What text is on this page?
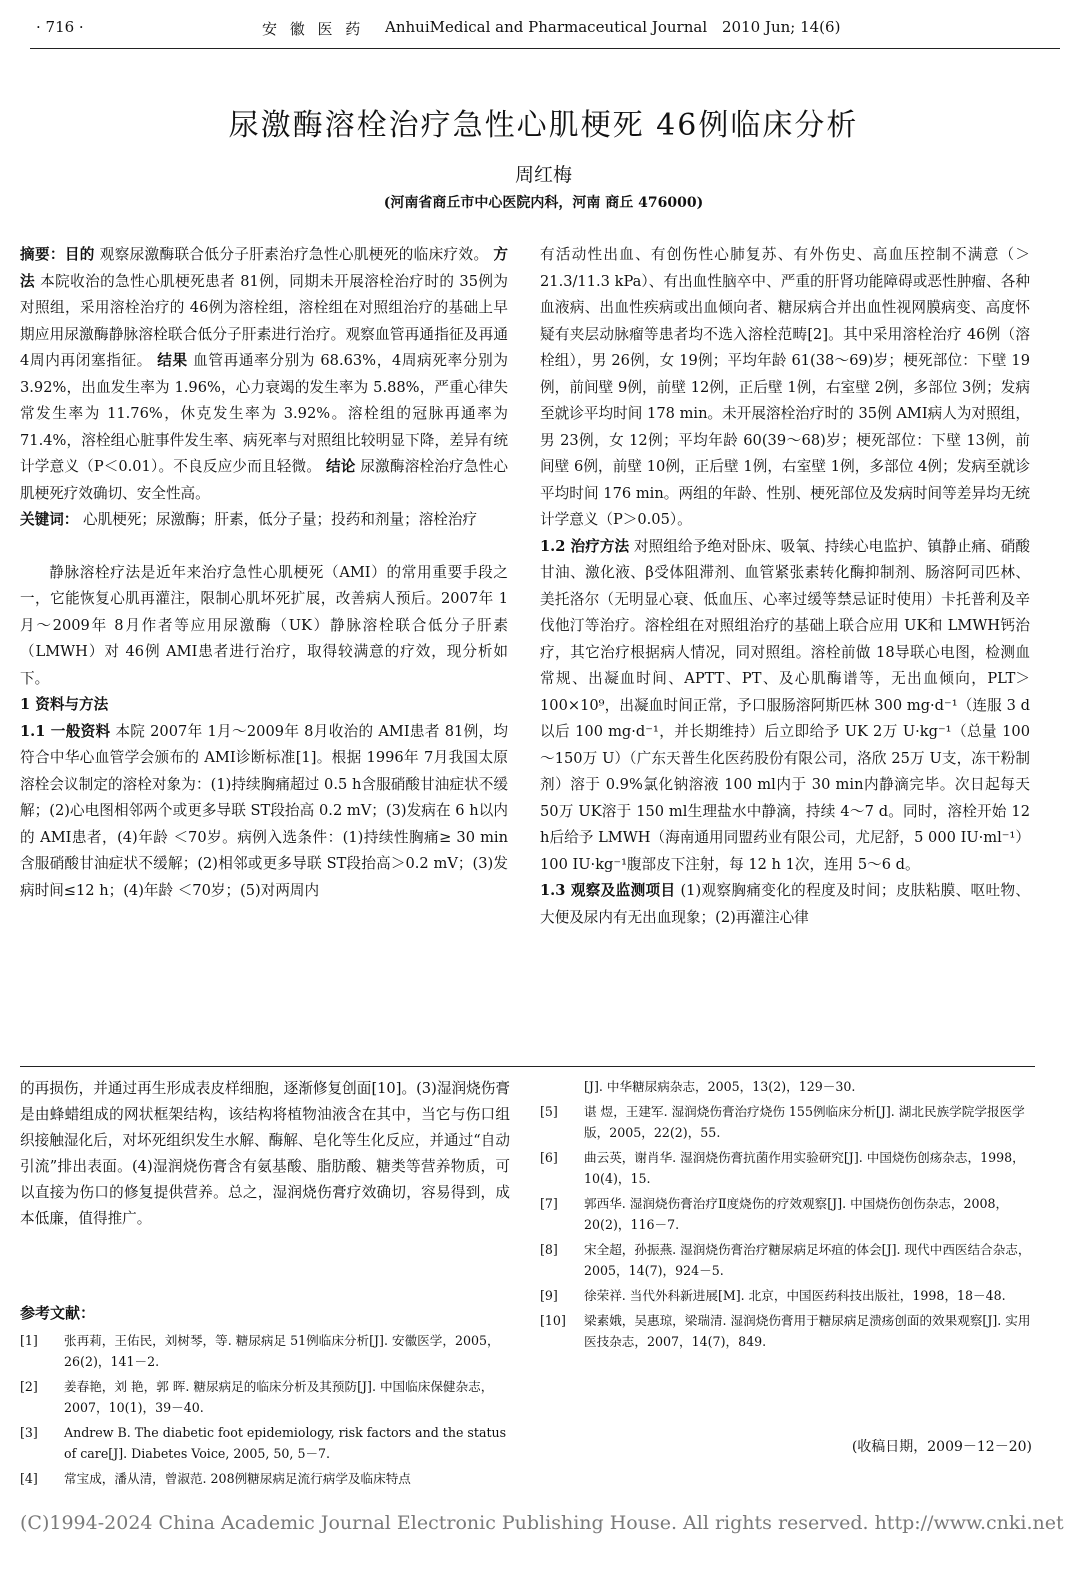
· 716 ·	安 徽 医 药 AnhuiMedical and Pharmaceutical Journal 2010 Jun; 14(6)
尿激酶溶栓治疗急性心肌梗死 46例临床分析
周红梅
(河南省商丘市中心医院内科，河南 商丘 476000)

摘要：目的 观察尿激酶联合低分子肝素治疗急性心肌梗死的临床疗效。 方法 本院收治的急性心肌梗死患者 81例，同期未开展溶栓治疗时的 35例为对照组，采用溶栓治疗的 46例为溶栓组，溶栓组在对照组治疗的基础上早期应用尿激酶静脉溶栓联合低分子肝素进行治疗。观察血管再通指征及再通 4周内再闭塞指征。 结果 血管再通率分别为 68.63%，4周病死率分别为 3.92%，出血发生率为 1.96%，心力衰竭的发生率为 5.88%，严重心律失常发生率为 11.76%，休克发生率为 3.92%。溶栓组的冠脉再通率为 71.4%，溶栓组心脏事件发生率、病死率与对照组比较明显下降，差异有统计学意义（P＜0.01）。不良反应少而且轻微。 结论 尿激酶溶栓治疗急性心肌梗死疗效确切、安全性高。

关键词： 心肌梗死；尿激酶；肝素，低分子量；投药和剂量；溶栓治疗

静脉溶栓疗法是近年来治疗急性心肌梗死（AMI）的常用重要手段之一，它能恢复心肌再灌注，限制心肌坏死扩展，改善病人预后。2007年 1月～2009年 8月作者等应用尿激酶（UK）静脉溶栓联合低分子肝素（LMWH）对 46例 AMI患者进行治疗，取得较满意的疗效，现分析如下。

1 资料与方法

1.1 一般资料 本院 2007年 1月～2009年 8月收治的 AMI患者 81例，均符合中华心血管学会颁布的 AMI诊断标准[1]。根据 1996年 7月我国太原溶栓会议制定的溶栓对象为：(1)持续胸痛超过 0.5 h含服硝酸甘油症状不缓解；(2)心电图相邻两个或更多导联 ST段抬高 0.2 mV；(3)发病在 6 h以内的 AMI患者，(4)年龄 ＜70岁。病例入选条件：(1)持续性胸痛≥ 30 min含服硝酸甘油症状不缓解；(2)相邻或更多导联 ST段抬高＞0.2 mV；(3)发病时间≤12 h；(4)年龄 ＜70岁；(5)对两周内

有活动性出血、有创伤性心肺复苏、有外伤史、高血压控制不满意（＞21.3/11.3 kPa）、有出血性脑卒中、严重的肝肾功能障碍或恶性肿瘤、各种血液病、出血性疾病或出血倾向者、糖尿病合并出血性视网膜病变、高度怀疑有夹层动脉瘤等患者均不选入溶栓范畴[2]。其中采用溶栓治疗 46例（溶栓组），男 26例，女 19例；平均年龄 61(38～69)岁；梗死部位：下壁 19例，前间壁 9例，前壁 12例，正后壁 1例，右室壁 2例，多部位 3例；发病至就诊平均时间 178 min。未开展溶栓治疗时的 35例 AMI病人为对照组，男 23例，女 12例；平均年龄 60(39～68)岁；梗死部位：下壁 13例，前间壁 6例，前壁 10例，正后壁 1例，右室壁 1例，多部位 4例；发病至就诊平均时间 176 min。两组的年龄、性别、梗死部位及发病时间等差异均无统计学意义（P＞0.05）。

1.2 治疗方法 对照组给予绝对卧床、吸氧、持续心电监护、镇静止痛、硝酸甘油、激化液、β受体阻滞剂、血管紧张素转化酶抑制剂、肠溶阿司匹林、美托洛尔（无明显心衰、低血压、心率过缓等禁忌证时使用）卡托普利及辛伐他汀等治疗。溶栓组在对照组治疗的基础上联合应用 UK和 LMWH钙治疗，其它治疗根据病人情况，同对照组。溶栓前做 18导联心电图，检测血常规、出凝血时间、APTT、PT、及心肌酶谱等，无出血倾向，PLT＞100×10⁹，出凝血时间正常，予口服肠溶阿斯匹林 300 mg·d⁻¹（连服 3 d以后 100 mg·d⁻¹，并长期维持）后立即给予 UK 2万 U·kg⁻¹（总量 100～150万 U）（广东天普生化医药股份有限公司，洛欣 25万 U支，冻干粉制剂）溶于 0.9%氯化钠溶液 100 ml内于 30 min内静滴完毕。次日起每天 50万 UK溶于 150 ml生理盐水中静滴，持续 4～7 d。同时，溶栓开始 12 h后给予 LMWH（海南通用同盟药业有限公司，尤尼舒，5 000 IU·ml⁻¹）100 IU·kg⁻¹腹部皮下注射，每 12 h 1次，连用 5～6 d。

1.3 观察及监测项目 (1)观察胸痛变化的程度及时间；皮肤粘膜、呕吐物、大便及尿内有无出血现象；(2)再灌注心律

的再损伤，并通过再生形成表皮样细胞，逐渐修复创面[10]。(3)湿润烧伤膏是由蜂蜡组成的网状框架结构，该结构将植物油液含在其中，当它与伤口组织接触湿化后，对坏死组织发生水解、酶解、皂化等生化反应，并通过“自动引流”排出表面。(4)湿润烧伤膏含有氨基酸、脂肪酸、糖类等营养物质，可以直接为伤口的修复提供营养。总之，湿润烧伤膏疗效确切，容易得到，成本低廉，值得推广。

参考文献：
[1]	张再莉，王佑民，刘树琴，等. 糖尿病足 51例临床分析[J]. 安徽医学，2005，26(2)，141－2.
[2]	姜春艳，刘 艳，郭 晖. 糖尿病足的临床分析及其预防[J]. 中国临床保健杂志，2007，10(1)，39－40.
[3]	Andrew B. The diabetic foot epidemiology, risk factors and the status of care[J]. Diabetes Voice, 2005, 50, 5－7.
[4]	常宝成，潘从清，曾淑范. 208例糖尿病足流行病学及临床特点
[J]. 中华糖尿病杂志，2005，13(2)，129－30.
[5]	谌 煜，王建军. 湿润烧伤膏治疗烧伤 155例临床分析[J]. 湖北民族学院学报医学版，2005，22(2)，55.
[6]	曲云英，谢肖华. 湿润烧伤膏抗菌作用实验研究[J]. 中国烧伤创疡杂志，1998，10(4)，15.
[7]	郭西华. 湿润烧伤膏治疗Ⅱ度烧伤的疗效观察[J]. 中国烧伤创伤杂志，2008，20(2)，116－7.
[8]	宋全超，孙振燕. 湿润烧伤膏治疗糖尿病足坏疽的体会[J]. 现代中西医结合杂志，2005，14(7)，924－5.
[9]	徐荣祥. 当代外科新进展[M]. 北京，中国医药科技出版社，1998，18－48.
[10]	梁素娥，吴惠琼，梁瑞清. 湿润烧伤膏用于糖尿病足溃疡创面的效果观察[J]. 实用医技杂志，2007，14(7)，849.
(收稿日期，2009－12－20)
(C)1994-2024 China Academic Journal Electronic Publishing House. All rights reserved. http://www.cnki.net
